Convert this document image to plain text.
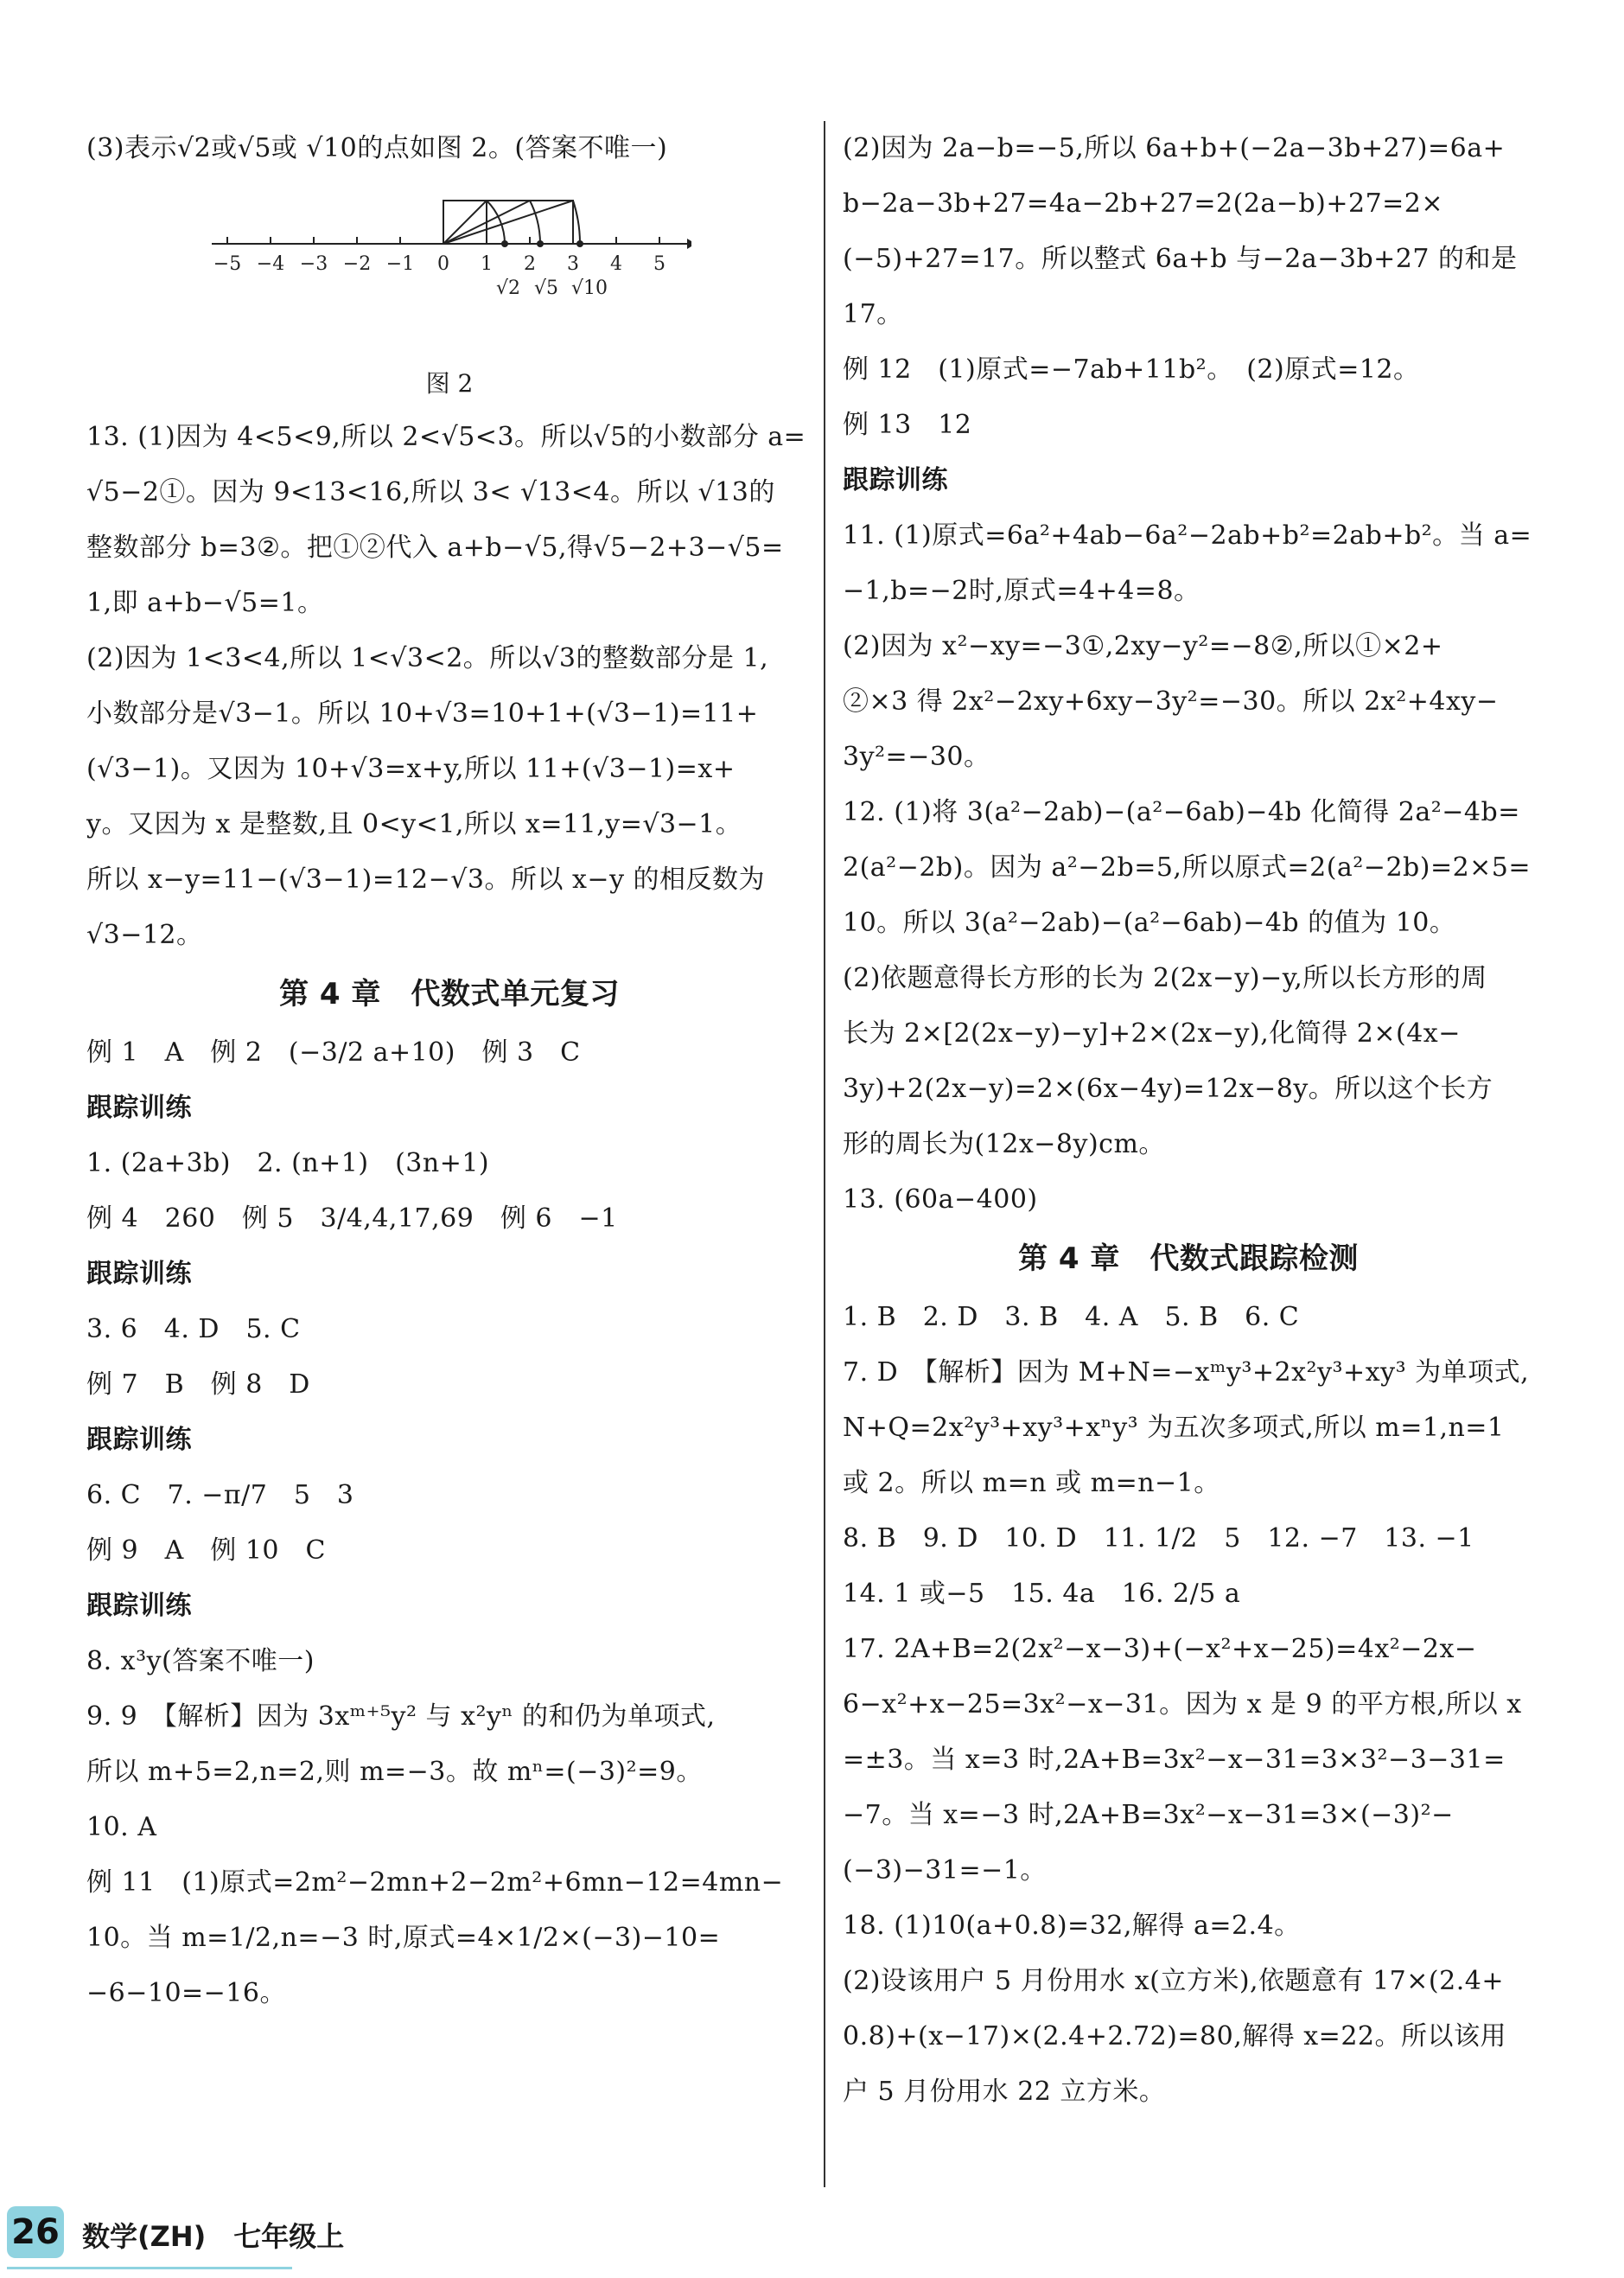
(3)表示√2或√5或 √10的点如图 2。(答案不唯一)
−5 −4 −3 −2 −1 0 1 2 3 4 5
√2 √5 √10
图 2
13. (1)因为 4<5<9,所以 2<√5<3。所以√5的小数部分 a=
√5−2①。因为 9<13<16,所以 3< √13<4。所以 √13的
整数部分 b=3②。把①②代入 a+b−√5,得√5−2+3−√5=
1,即 a+b−√5=1。
(2)因为 1<3<4,所以 1<√3<2。所以√3的整数部分是 1,
小数部分是√3−1。所以 10+√3=10+1+(√3−1)=11+
(√3−1)。又因为 10+√3=x+y,所以 11+(√3−1)=x+
y。又因为 x 是整数,且 0<y<1,所以 x=11,y=√3−1。
所以 x−y=11−(√3−1)=12−√3。所以 x−y 的相反数为
√3−12。
第 4 章　代数式单元复习
例 1　A　例 2　(−3/2 a+10)　例 3　C
跟踪训练
1. (2a+3b)　2. (n+1)　(3n+1)
例 4　260　例 5　3/4,4,17,69　例 6　−1
跟踪训练
3. 6　4. D　5. C
例 7　B　例 8　D
跟踪训练
6. C　7. −π/7　5　3
例 9　A　例 10　C
跟踪训练
8. x³y(答案不唯一)
9. 9　【解析】因为 3xᵐ⁺⁵y² 与 x²yⁿ 的和仍为单项式,
所以 m+5=2,n=2,则 m=−3。故 mⁿ=(−3)²=9。
10. A
例 11　(1)原式=2m²−2mn+2−2m²+6mn−12=4mn−
10。当 m=1/2,n=−3 时,原式=4×1/2×(−3)−10=
−6−10=−16。
(2)因为 2a−b=−5,所以 6a+b+(−2a−3b+27)=6a+
b−2a−3b+27=4a−2b+27=2(2a−b)+27=2×
(−5)+27=17。所以整式 6a+b 与−2a−3b+27 的和是
17。
例 12　(1)原式=−7ab+11b²。　(2)原式=12。
例 13　12
跟踪训练
11. (1)原式=6a²+4ab−6a²−2ab+b²=2ab+b²。当 a=
−1,b=−2时,原式=4+4=8。
(2)因为 x²−xy=−3①,2xy−y²=−8②,所以①×2+
②×3 得 2x²−2xy+6xy−3y²=−30。所以 2x²+4xy−
3y²=−30。
12. (1)将 3(a²−2ab)−(a²−6ab)−4b 化简得 2a²−4b=
2(a²−2b)。因为 a²−2b=5,所以原式=2(a²−2b)=2×5=
10。所以 3(a²−2ab)−(a²−6ab)−4b 的值为 10。
(2)依题意得长方形的长为 2(2x−y)−y,所以长方形的周
长为 2×[2(2x−y)−y]+2×(2x−y),化简得 2×(4x−
3y)+2(2x−y)=2×(6x−4y)=12x−8y。所以这个长方
形的周长为(12x−8y)cm。
13. (60a−400)
第 4 章　代数式跟踪检测
1. B　2. D　3. B　4. A　5. B　6. C
7. D　【解析】因为 M+N=−xᵐy³+2x²y³+xy³ 为单项式,
N+Q=2x²y³+xy³+xⁿy³ 为五次多项式,所以 m=1,n=1
或 2。所以 m=n 或 m=n−1。
8. B　9. D　10. D　11. 1/2　5　12. −7　13. −1
14. 1 或−5　15. 4a　16. 2/5 a
17. 2A+B=2(2x²−x−3)+(−x²+x−25)=4x²−2x−
6−x²+x−25=3x²−x−31。因为 x 是 9 的平方根,所以 x
=±3。当 x=3 时,2A+B=3x²−x−31=3×3²−3−31=
−7。当 x=−3 时,2A+B=3x²−x−31=3×(−3)²−
(−3)−31=−1。
18. (1)10(a+0.8)=32,解得 a=2.4。
(2)设该用户 5 月份用水 x(立方米),依题意有 17×(2.4+
0.8)+(x−17)×(2.4+2.72)=80,解得 x=22。所以该用
户 5 月份用水 22 立方米。
26 数学(ZH)　七年级上
